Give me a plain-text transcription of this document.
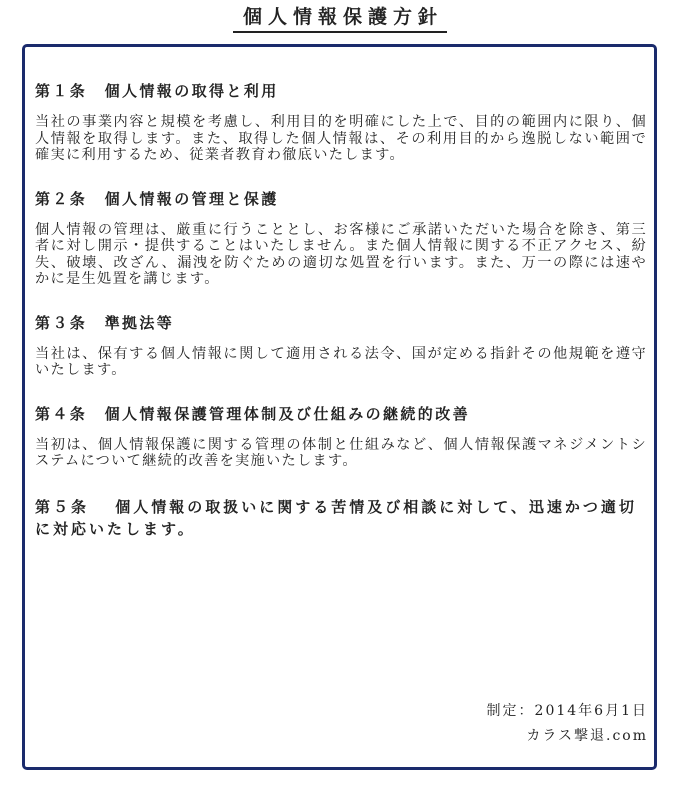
個人情報保護方針
第１条　個人情報の取得と利用
当社の事業内容と規模を考慮し、利用目的を明確にした上で、目的の範囲内に限り、個人情報を取得します。また、取得した個人情報は、その利用目的から逸脱しない範囲で確実に利用するため、従業者教育わ徹底いたします。
第２条　個人情報の管理と保護
個人情報の管理は、厳重に行うこととし、お客様にご承諾いただいた場合を除き、第三者に対し開示・提供することはいたしません。また個人情報に関する不正アクセス、紛失、破壊、改ざん、漏洩を防ぐための適切な処置を行います。また、万一の際には速やかに是生処置を講じます。
第３条　準拠法等
当社は、保有する個人情報に関して適用される法令、国が定める指針その他規範を遵守いたします。
第４条　個人情報保護管理体制及び仕組みの継続的改善
当初は、個人情報保護に関する管理の体制と仕組みなど、個人情報保護マネジメントシステムについて継続的改善を実施いたします。
第５条　 個人情報の取扱いに関する苦情及び相談に対して、迅速かつ適切に対応いたします。
制定：2014年6月1日
カラス撃退.com
